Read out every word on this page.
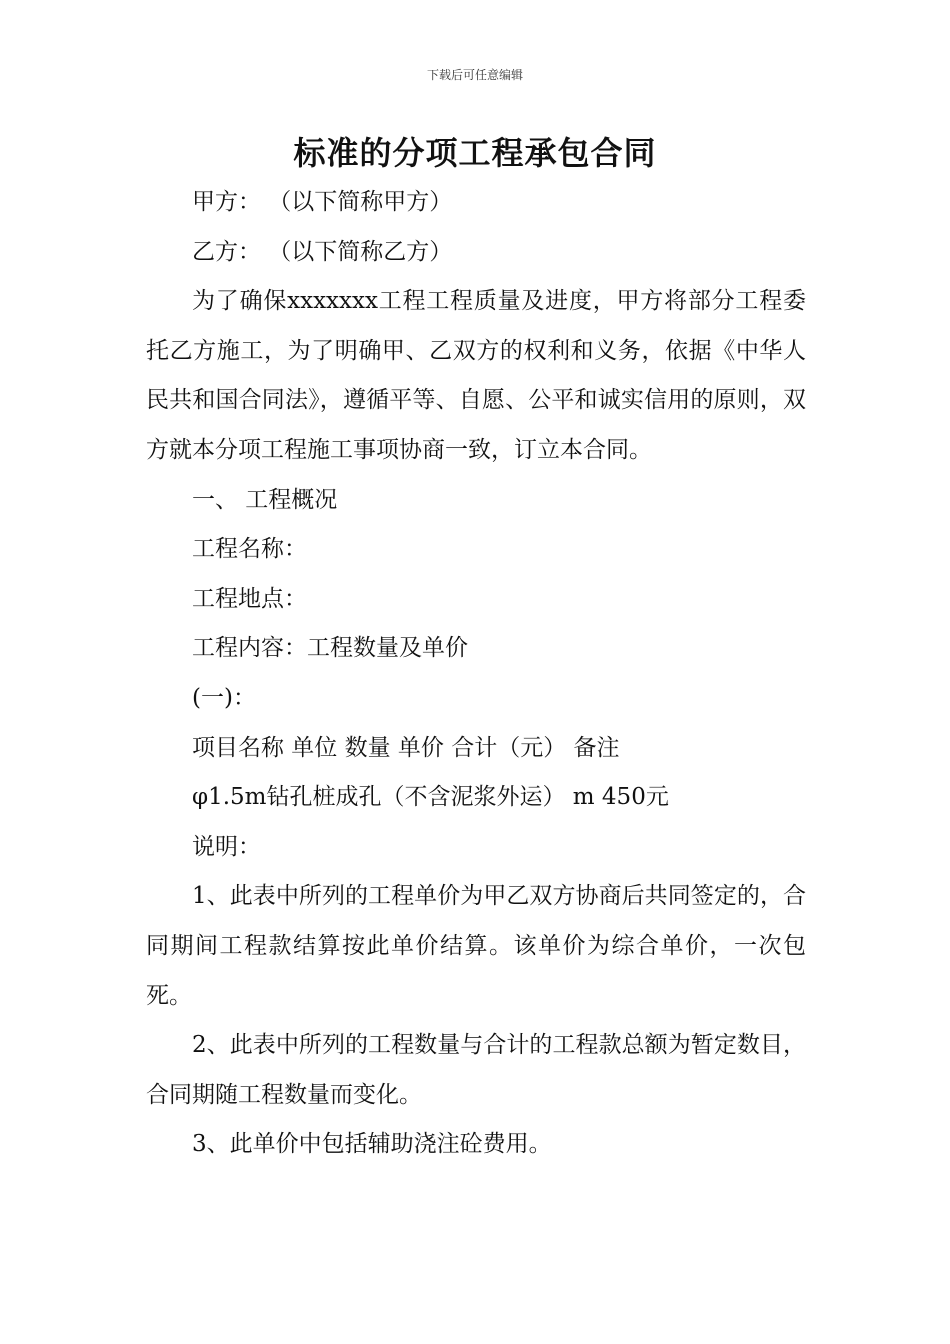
下载后可任意编辑
标准的分项工程承包合同

甲方： （以下简称甲方）

乙方： （以下简称乙方）

为了确保xxxxxxx工程工程质量及进度，甲方将部分工程委托乙方施工，为了明确甲、乙双方的权利和义务，依据《中华人民共和国合同法》，遵循平等、自愿、公平和诚实信用的原则，双方就本分项工程施工事项协商一致，订立本合同。

一、 工程概况

工程名称：

工程地点：

工程内容：工程数量及单价

(一)：

项目名称 单位 数量 单价 合计（元） 备注

φ1.5m钻孔桩成孔（不含泥浆外运） m 450元

说明：

1、此表中所列的工程单价为甲乙双方协商后共同签定的，合同期间工程款结算按此单价结算。该单价为综合单价，一次包死。

2、此表中所列的工程数量与合计的工程款总额为暂定数目，合同期随工程数量而变化。

3、此单价中包括辅助浇注砼费用。
